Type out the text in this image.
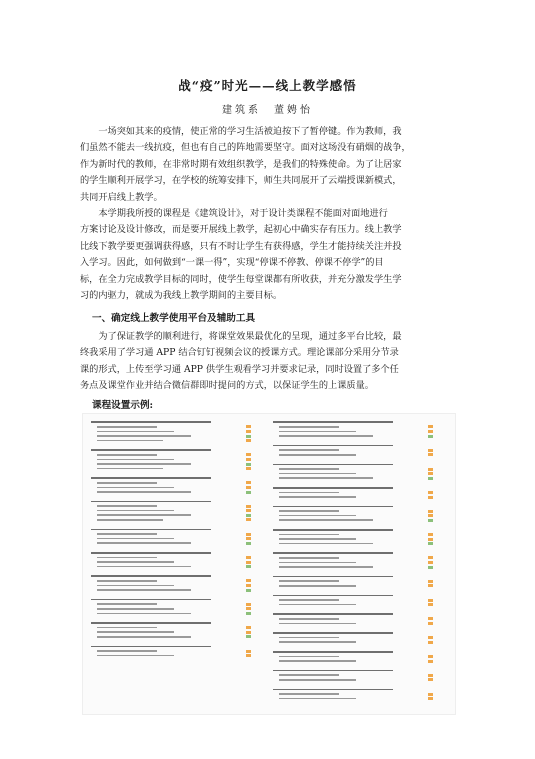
战“疫”时光——线上教学感悟
建筑系　董娉怡

　　一场突如其来的疫情，使正常的学习生活被迫按下了暂停键。作为教师，我
们虽然不能去一线抗疫，但也有自己的阵地需要坚守。面对这场没有硝烟的战争，
作为新时代的教师，在非常时期有效组织教学，是我们的特殊使命。为了让居家
的学生顺利开展学习，在学校的统筹安排下，师生共同展开了云端授课新模式，
共同开启线上教学。

　　本学期我所授的课程是《建筑设计》，对于设计类课程不能面对面地进行
方案讨论及设计修改，而是要开展线上教学，起初心中确实存有压力。线上教学
比线下教学要更强调获得感，只有不时让学生有获得感，学生才能持续关注并投
入学习。因此，如何做到“一课一得”，实现“停课不停教、停课不停学”的目
标，在全力完成教学目标的同时，使学生每堂课都有所收获，并充分激发学生学
习的内驱力，就成为我线上教学期间的主要目标。

一、确定线上教学使用平台及辅助工具

　　为了保证教学的顺利进行，将课堂效果最优化的呈现，通过多平台比较，最
终我采用了学习通 APP 结合钉钉视频会议的授课方式。理论课部分采用分节录
课的形式，上传至学习通 APP 供学生观看学习并要求记录，同时设置了多个任
务点及课堂作业并结合微信群即时提问的方式，以保证学生的上课质量。

课程设置示例:
